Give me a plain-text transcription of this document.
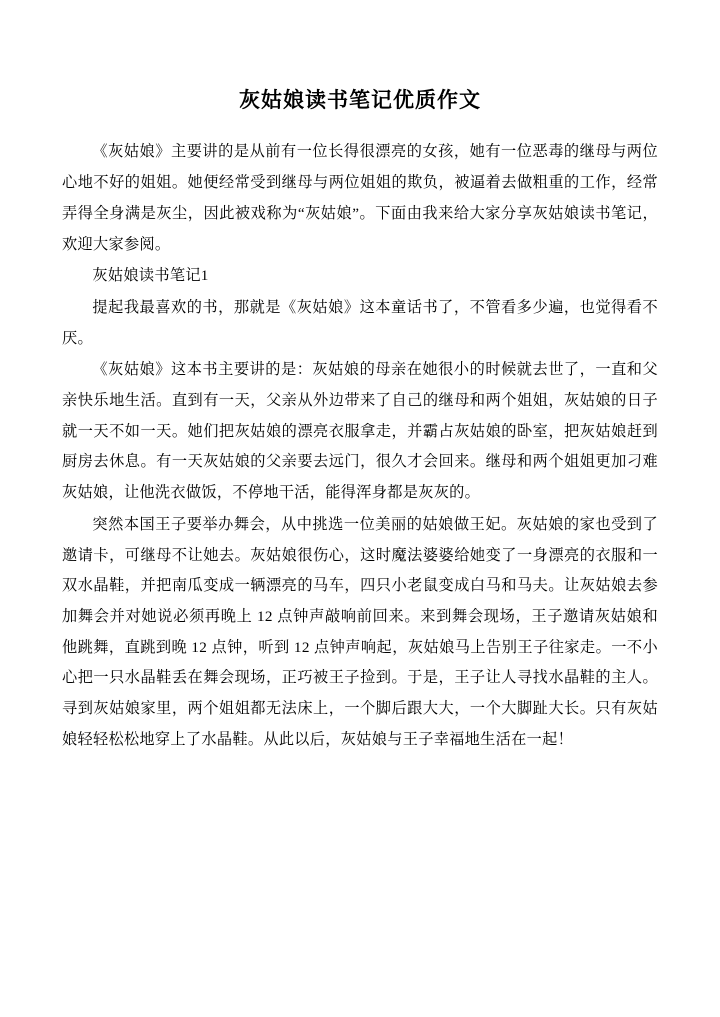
灰姑娘读书笔记优质作文

《灰姑娘》主要讲的是从前有一位长得很漂亮的女孩，她有一位恶毒的继母与两位心地不好的姐姐。她便经常受到继母与两位姐姐的欺负，被逼着去做粗重的工作，经常弄得全身满是灰尘，因此被戏称为“灰姑娘”。下面由我来给大家分享灰姑娘读书笔记，欢迎大家参阅。

灰姑娘读书笔记1

提起我最喜欢的书，那就是《灰姑娘》这本童话书了，不管看多少遍，也觉得看不厌。

《灰姑娘》这本书主要讲的是：灰姑娘的母亲在她很小的时候就去世了，一直和父亲快乐地生活。直到有一天，父亲从外边带来了自己的继母和两个姐姐，灰姑娘的日子就一天不如一天。她们把灰姑娘的漂亮衣服拿走，并霸占灰姑娘的卧室，把灰姑娘赶到厨房去休息。有一天灰姑娘的父亲要去远门，很久才会回来。继母和两个姐姐更加刁难灰姑娘，让他洗衣做饭，不停地干活，能得浑身都是灰灰的。

突然本国王子要举办舞会，从中挑选一位美丽的姑娘做王妃。灰姑娘的家也受到了邀请卡，可继母不让她去。灰姑娘很伤心，这时魔法婆婆给她变了一身漂亮的衣服和一双水晶鞋，并把南瓜变成一辆漂亮的马车，四只小老鼠变成白马和马夫。让灰姑娘去参加舞会并对她说必须再晚上 12 点钟声敲响前回来。来到舞会现场，王子邀请灰姑娘和他跳舞，直跳到晚 12 点钟，听到 12 点钟声响起，灰姑娘马上告别王子往家走。一不小心把一只水晶鞋丢在舞会现场，正巧被王子捡到。于是，王子让人寻找水晶鞋的主人。寻到灰姑娘家里，两个姐姐都无法床上，一个脚后跟大大，一个大脚趾大长。只有灰姑娘轻轻松松地穿上了水晶鞋。从此以后，灰姑娘与王子幸福地生活在一起！
